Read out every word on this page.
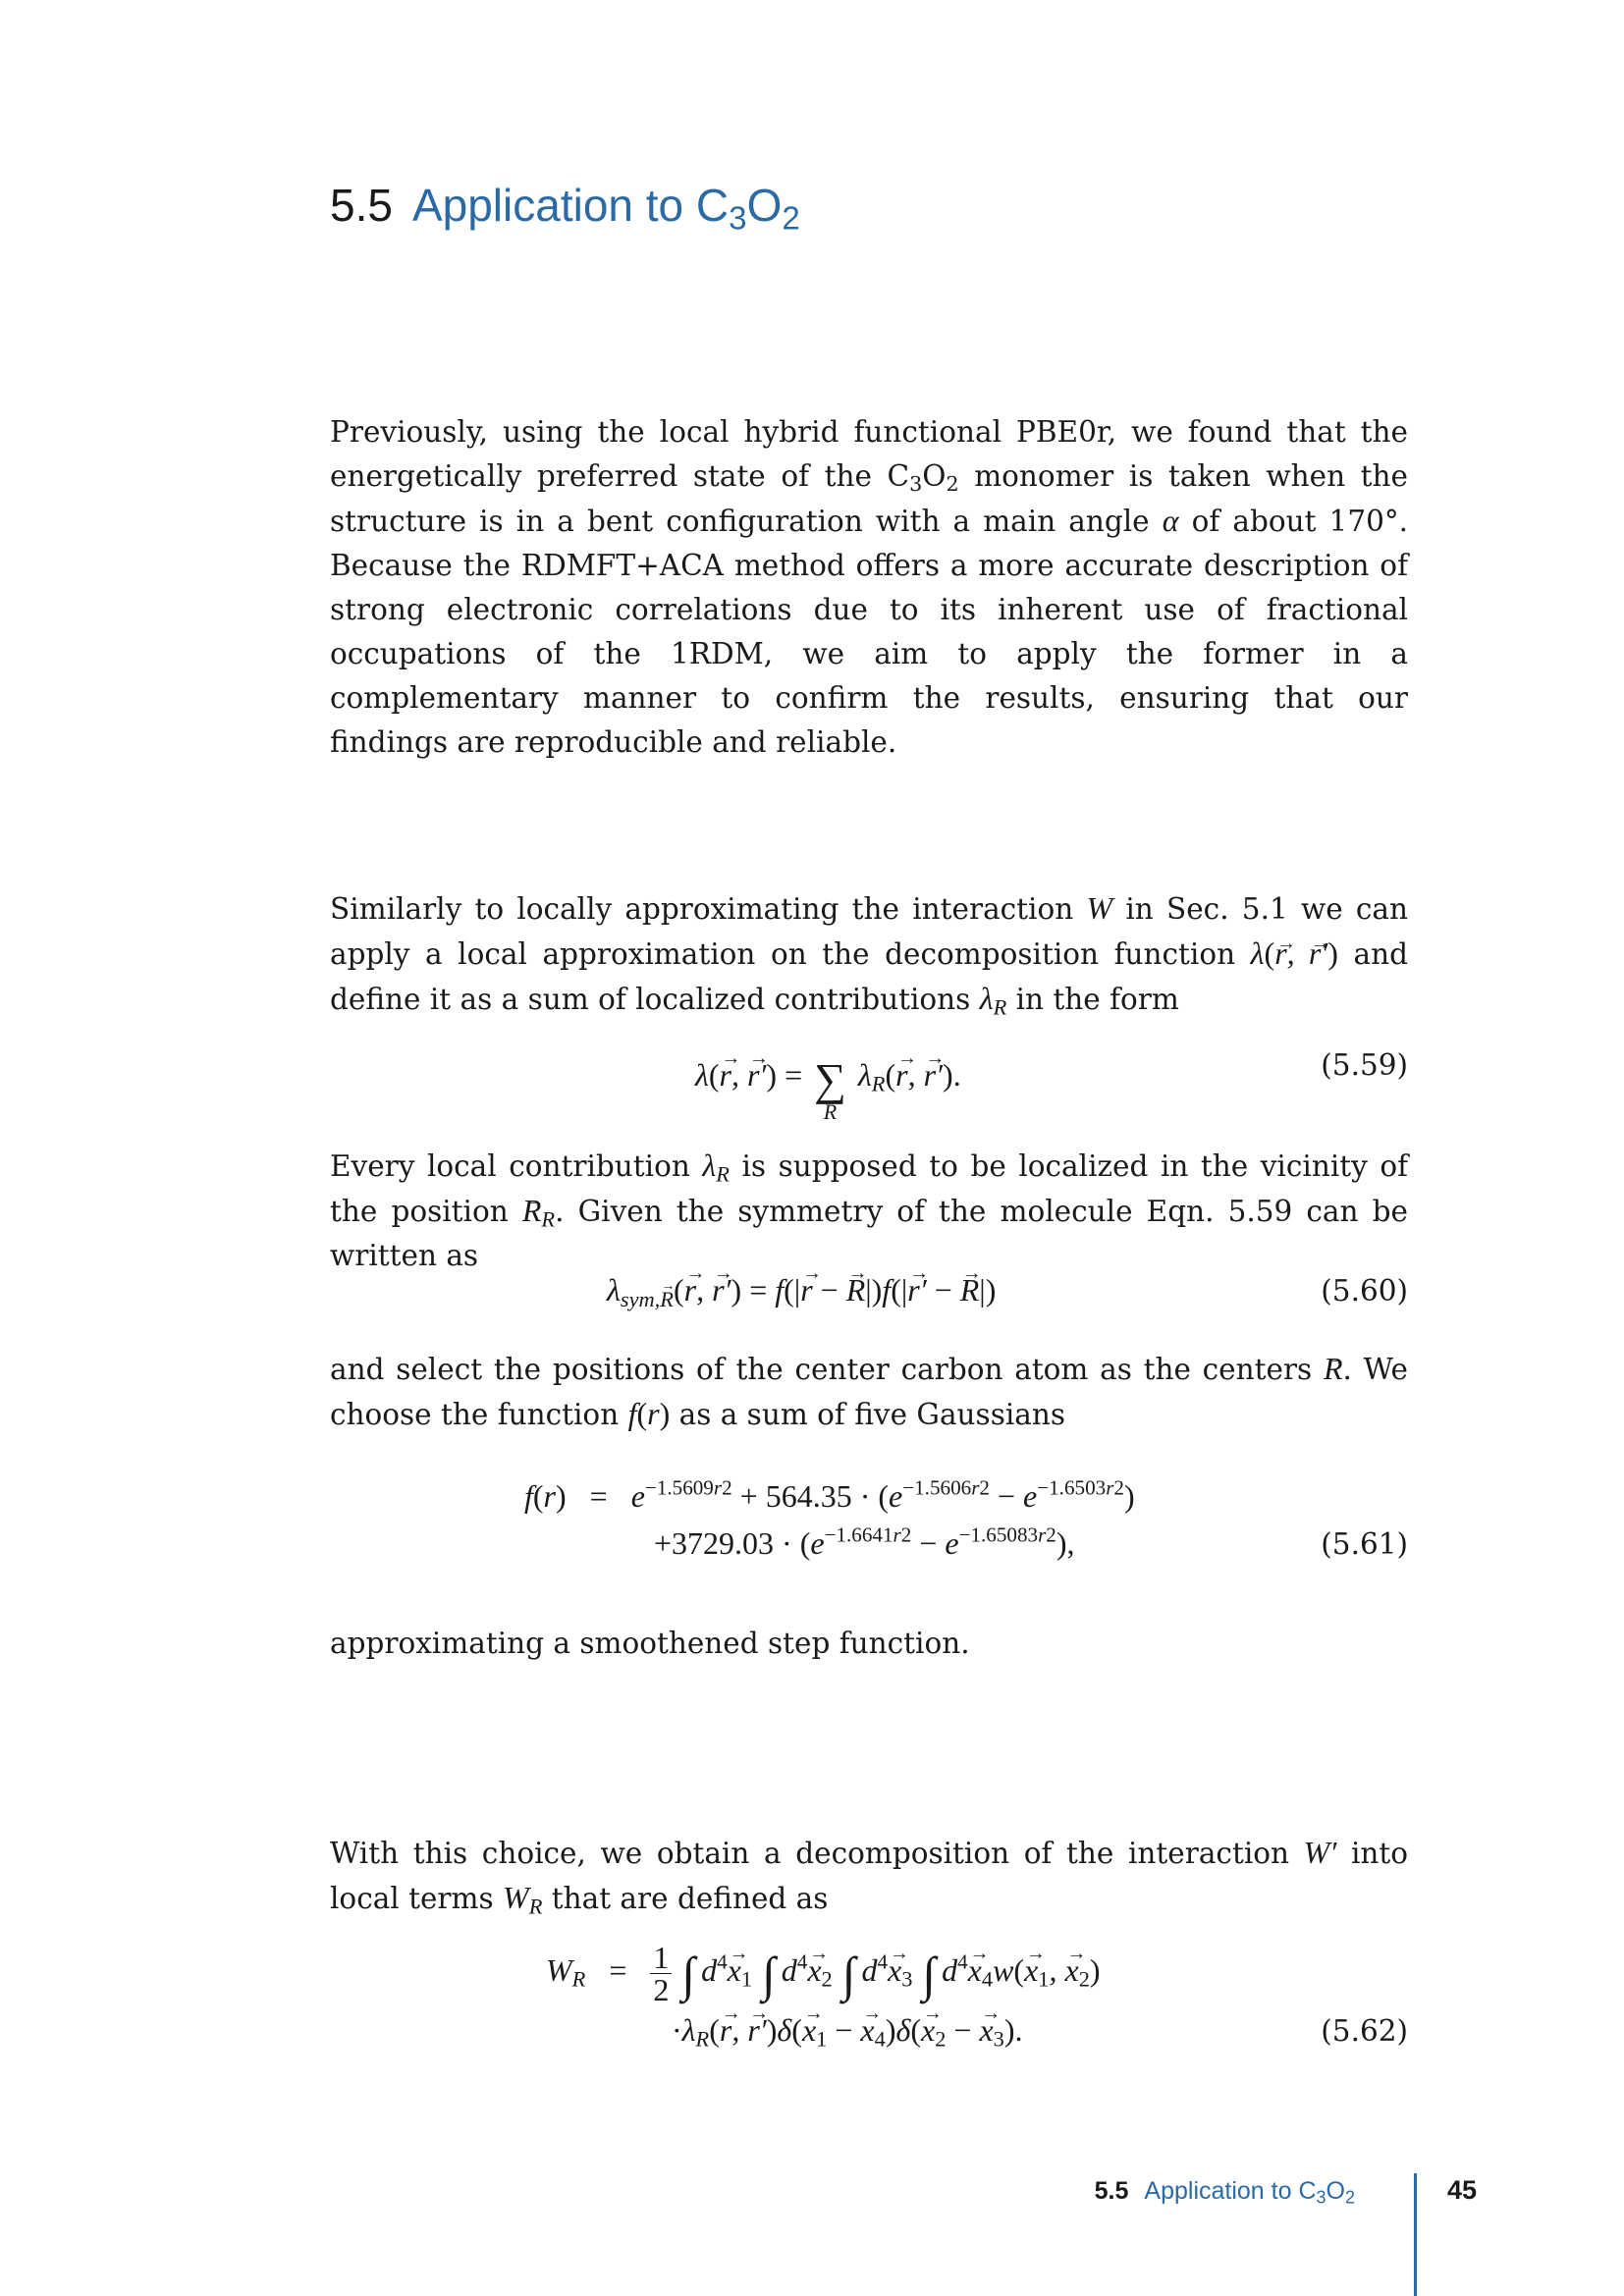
5.5 Application to $C_3O_2$
Previously, using the local hybrid functional PBE0r, we found that the energetically preferred state of the $C_3O_2$ monomer is taken when the structure is in a bent configuration with a main angle α of about 170°. Because the RDMFT+ACA method offers a more accurate description of strong electronic correlations due to its inherent use of fractional occupations of the 1RDM, we aim to apply the former in a complementary manner to confirm the results, ensuring that our findings are reproducible and reliable.
Similarly to locally approximating the interaction W in Sec. 5.1 we can apply a local approximation on the decomposition function λ(→ r, → r′) and define it as a sum of localized contributions $\lambda_R$ in the form
λ(→ r, → r′) = ∑
R
$\lambda_R(\to r$, → r′).	(5.59)
Every local contribution $\lambda_R$ is supposed to be localized in the vicinity of the position → $R_R$. Given the symmetry of the molecule Eqn. 5.59 can be written as
$\lambda_{sym,\to R}(\to r$, → r′) = f(|→ r − → R|)f(|→ r′ − → R|)	(5.60)
and select the positions of the center carbon atom as the centers → R. We choose the function f(r) as a sum of five Gaussians
$f(r) = e^{-1.5609r2} + 564.35 \cdot (e^{-1.5606r2} - e^{-1.6503r2})$
$+3729.03 \cdot (e^{-1.6641r2} - e^{-1.65083r2})$,	(5.61)
approximating a smoothened step function.
With this choice, we obtain a decomposition of the interaction W′ into local terms $W_R$ that are defined as
$W_R = \frac{1}{2}$ ∫ $d^4\to x_1$ ∫ $d^4\to x_2$ ∫ $d^4\to x_3$ ∫ $d^4\to x_4w(\to x_1$, → $x_2$)
$\cdot\lambda_R(\to r$, → $r')\delta(\to x_1$ − → $x_4)\delta(\to x_2$ − → $x_3$).	(5.62)
5.5 Application to $C_3O_2$	45
